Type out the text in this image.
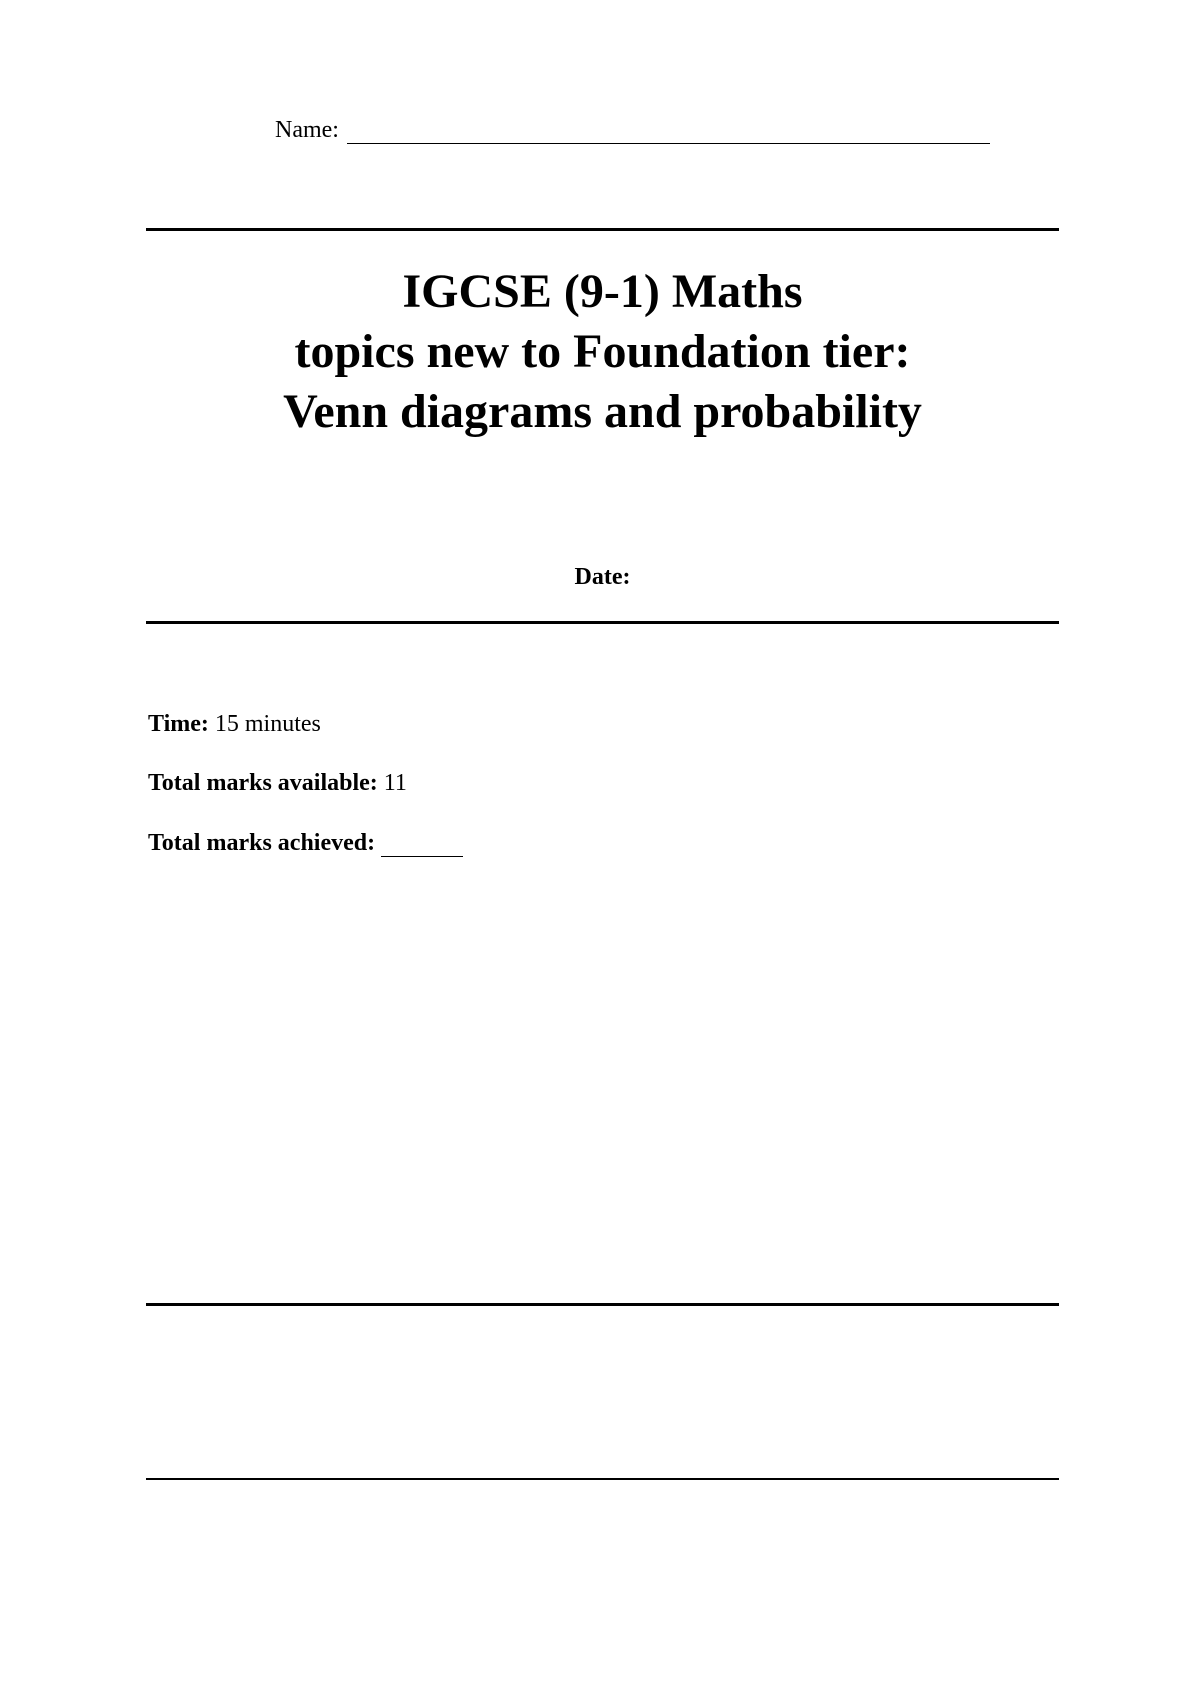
Name:
IGCSE (9-1) Maths
topics new to Foundation tier:
Venn diagrams and probability
Date:
Time: 15 minutes
Total marks available: 11
Total marks achieved:
